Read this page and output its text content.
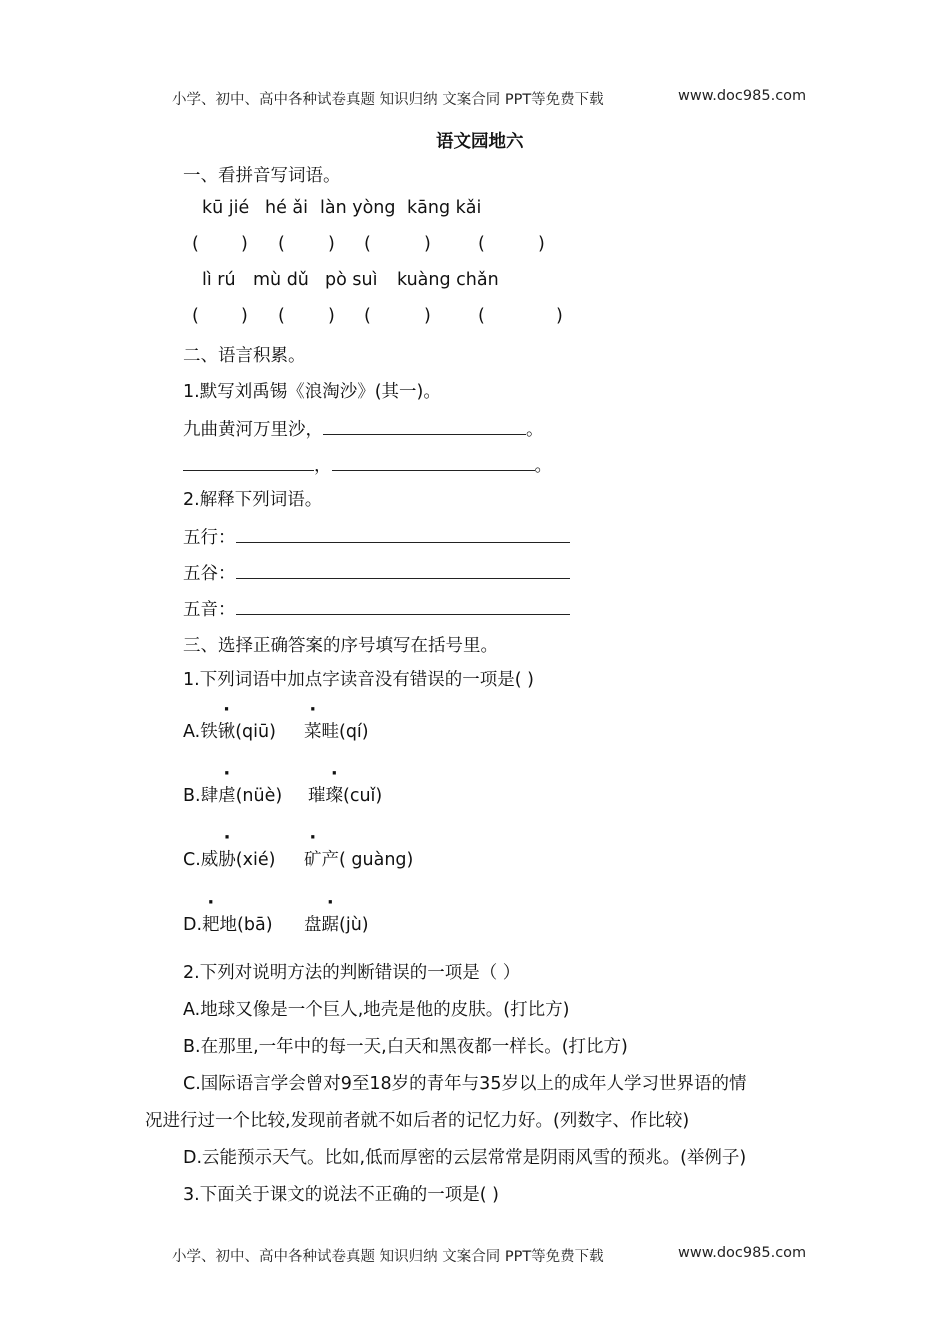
小学、初中、高中各种试卷真题 知识归纳 文案合同 PPT等免费下载	www.doc985.com
语文园地六
一、看拼音写词语。
kū jié hé ǎi làn yòng kāng kǎi
( ) ( ) (	)	(	)
lì rú mù dǔ pò suì kuàng chǎn
( ) ( ) (	)	(	)
二、语言积累。
1.默写刘禹锡《浪淘沙》(其一)。
九曲黄河万里沙，	。
，	。
2.解释下列词语。
五行：
五谷：
五音：
三、选择正确答案的序号填写在括号里。
1.下列词语中加点字读音没有错误的一项是( )
A.铁锹(qiū) 菜畦(qí)
B.肆虐(nüè) 璀璨(cuǐ)
C.威胁(xié) 矿产( guàng)
D.耙地(bā) 盘踞(jù)
2.下列对说明方法的判断错误的一项是（ ）
A.地球又像是一个巨人,地壳是他的皮肤。(打比方)
B.在那里,一年中的每一天,白天和黑夜都一样长。(打比方)
C.国际语言学会曾对9至18岁的青年与35岁以上的成年人学习世界语的情
况进行过一个比较,发现前者就不如后者的记忆力好。(列数字、作比较)
D.云能预示天气。比如,低而厚密的云层常常是阴雨风雪的预兆。(举例子)
3.下面关于课文的说法不正确的一项是( )
小学、初中、高中各种试卷真题 知识归纳 文案合同 PPT等免费下载	www.doc985.com
